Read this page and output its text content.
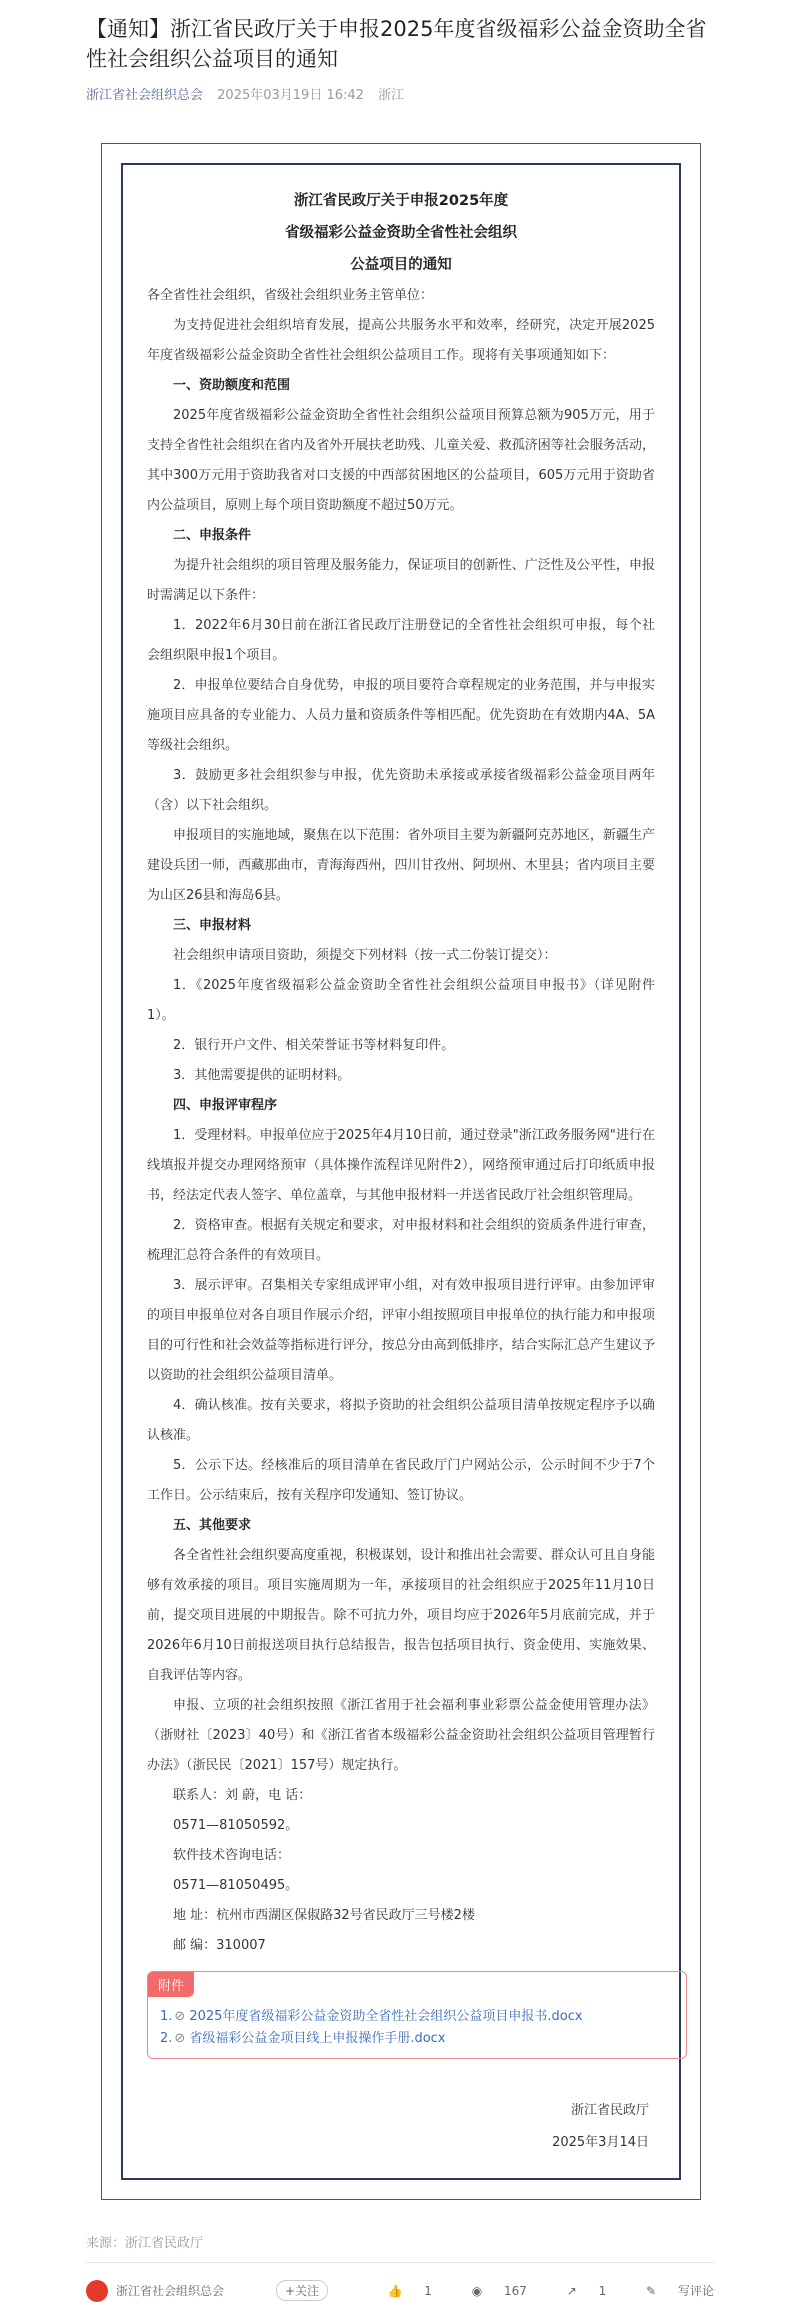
【通知】浙江省民政厅关于申报2025年度省级福彩公益金资助全省性社会组织公益项目的通知
浙江省社会组织总会 2025年03月19日 16:42 浙江
浙江省民政厅关于申报2025年度
省级福彩公益金资助全省性社会组织
公益项目的通知

各全省性社会组织，省级社会组织业务主管单位：

为支持促进社会组织培育发展，提高公共服务水平和效率，经研究，决定开展2025年度省级福彩公益金资助全省性社会组织公益项目工作。现将有关事项通知如下：

一、资助额度和范围

2025年度省级福彩公益金资助全省性社会组织公益项目预算总额为905万元，用于支持全省性社会组织在省内及省外开展扶老助残、儿童关爱、救孤济困等社会服务活动，其中300万元用于资助我省对口支援的中西部贫困地区的公益项目，605万元用于资助省内公益项目，原则上每个项目资助额度不超过50万元。

二、申报条件

为提升社会组织的项目管理及服务能力，保证项目的创新性、广泛性及公平性，申报时需满足以下条件：

1．2022年6月30日前在浙江省民政厅注册登记的全省性社会组织可申报，每个社会组织限申报1个项目。

2．申报单位要结合自身优势，申报的项目要符合章程规定的业务范围，并与申报实施项目应具备的专业能力、人员力量和资质条件等相匹配。优先资助在有效期内4A、5A等级社会组织。

3．鼓励更多社会组织参与申报，优先资助未承接或承接省级福彩公益金项目两年（含）以下社会组织。

申报项目的实施地域，聚焦在以下范围：省外项目主要为新疆阿克苏地区，新疆生产建设兵团一师，西藏那曲市，青海海西州，四川甘孜州、阿坝州、木里县；省内项目主要为山区26县和海岛6县。

三、申报材料

社会组织申请项目资助，须提交下列材料（按一式二份装订提交）：

1．《2025年度省级福彩公益金资助全省性社会组织公益项目申报书》（详见附件1）。

2．银行开户文件、相关荣誉证书等材料复印件。

3．其他需要提供的证明材料。

四、申报评审程序

1．受理材料。申报单位应于2025年4月10日前，通过登录"浙江政务服务网"进行在线填报并提交办理网络预审（具体操作流程详见附件2），网络预审通过后打印纸质申报书，经法定代表人签字、单位盖章，与其他申报材料一并送省民政厅社会组织管理局。

2．资格审查。根据有关规定和要求，对申报材料和社会组织的资质条件进行审查，梳理汇总符合条件的有效项目。

3．展示评审。召集相关专家组成评审小组，对有效申报项目进行评审。由参加评审的项目申报单位对各自项目作展示介绍，评审小组按照项目申报单位的执行能力和申报项目的可行性和社会效益等指标进行评分，按总分由高到低排序，结合实际汇总产生建议予以资助的社会组织公益项目清单。

4．确认核准。按有关要求，将拟予资助的社会组织公益项目清单按规定程序予以确认核准。

5．公示下达。经核准后的项目清单在省民政厅门户网站公示，公示时间不少于7个工作日。公示结束后，按有关程序印发通知、签订协议。

五、其他要求

各全省性社会组织要高度重视，积极谋划，设计和推出社会需要、群众认可且自身能够有效承接的项目。项目实施周期为一年，承接项目的社会组织应于2025年11月10日前，提交项目进展的中期报告。除不可抗力外，项目均应于2026年5月底前完成，并于2026年6月10日前报送项目执行总结报告，报告包括项目执行、资金使用、实施效果、自我评估等内容。

申报、立项的社会组织按照《浙江省用于社会福利事业彩票公益金使用管理办法》（浙财社〔2023〕40号）和《浙江省省本级福彩公益金资助社会组织公益项目管理暂行办法》（浙民民〔2021〕157号）规定执行。

联系人：刘 蔚，电 话：

0571—81050592。

软件技术咨询电话：

0571—81050495。

地 址：杭州市西湖区保俶路32号省民政厅三号楼2楼

邮 编：310007

附件
1. ⊘ 2025年度省级福彩公益金资助全省性社会组织公益项目申报书.docx
2. ⊘ 省级福彩公益金项目线上申报操作手册.docx
浙江省民政厅
2025年3月14日
来源：浙江省民政厅
浙江省社会组织总会	+关注	👍 1	◉ 167	↗ 1	✎ 写评论
